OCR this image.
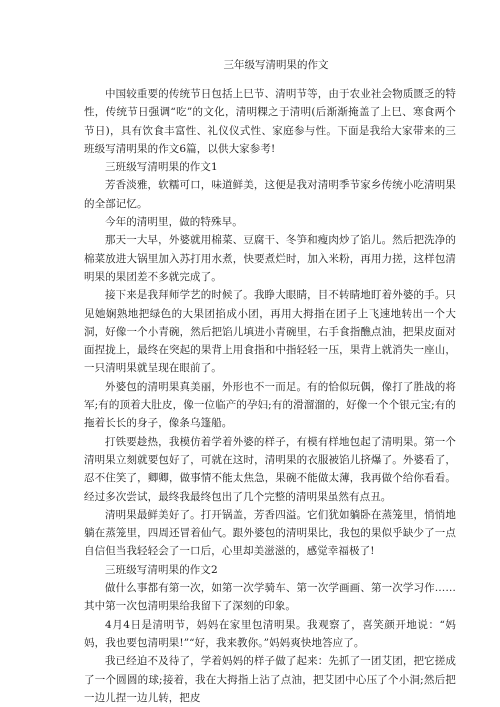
三年级写清明果的作文

中国较重要的传统节日包括上巳节、清明节等，由于农业社会物质匮乏的特性，传统节日强调“吃”的文化，清明粿之于清明(后渐渐掩盖了上巳、寒食两个节日)，具有饮食丰富性、礼仪仪式性、家庭参与性。下面是我给大家带来的三班级写清明果的作文6篇，以供大家参考!

三班级写清明果的作文1

芳香淡雅，软糯可口，味道鲜美，这便是我对清明季节家乡传统小吃清明果的全部记忆。

今年的清明里，做的特殊早。

那天一大早，外婆就用棉菜、豆腐干、冬笋和瘦肉炒了馅儿。然后把洗净的棉菜放进大锅里加入苏打用水煮，快要煮烂时，加入米粉，再用力搓，这样包清明果的果团差不多就完成了。

接下来是我拜师学艺的时候了。我睁大眼睛，目不转睛地盯着外婆的手。只见她娴熟地把绿色的大果团掐成小团，再用大拇指在团子上飞速地转出一个大洞，好像一个小青碗，然后把馅儿填进小青碗里，右手食指醮点油，把果皮面对面捏拢上，最终在突起的果背上用食指和中指轻轻一压，果背上就消失一座山，一只清明果就呈现在眼前了。

外婆包的清明果真美丽，外形也不一而足。有的恰似玩偶，像打了胜战的将军;有的顶着大肚皮，像一位临产的孕妇;有的滑溜溜的，好像一个个银元宝;有的拖着长长的身子，像条乌篷船。

打铁要趁热，我模仿着学着外婆的样子，有模有样地包起了清明果。第一个清明果立刻就要包好了，可就在这时，清明果的衣服被馅儿挤爆了。外婆看了，忍不住笑了，卿卿，做事情不能太焦急，果碗不能做太薄，我再做个给你看看。经过多次尝试，最终我最终包出了几个完整的清明果虽然有点丑。

清明果最鲜美好了。打开锅盖，芳香四溢。它们犹如躺卧在蒸笼里，悄悄地躺在蒸笼里，四周还冒着仙气。跟外婆包的清明果比，我包的果似乎缺少了一点自信但当我轻轻会了一口后，心里却美滋滋的，感觉幸福极了!

三班级写清明果的作文2

做什么事都有第一次，如第一次学骑车、第一次学画画、第一次学习作……其中第一次包清明果给我留下了深刻的印象。

4月4日是清明节，妈妈在家里包清明果。我观察了，喜笑颜开地说：“妈妈，我也要包清明果!”“好，我来教你。”妈妈爽快地答应了。

我已经迫不及待了，学着妈妈的样子做了起来：先抓了一团艾团，把它搓成了一个圆圆的球;接着，我在大拇指上沾了点油，把艾团中心压了个小洞;然后把一边儿捏一边儿转，把皮
